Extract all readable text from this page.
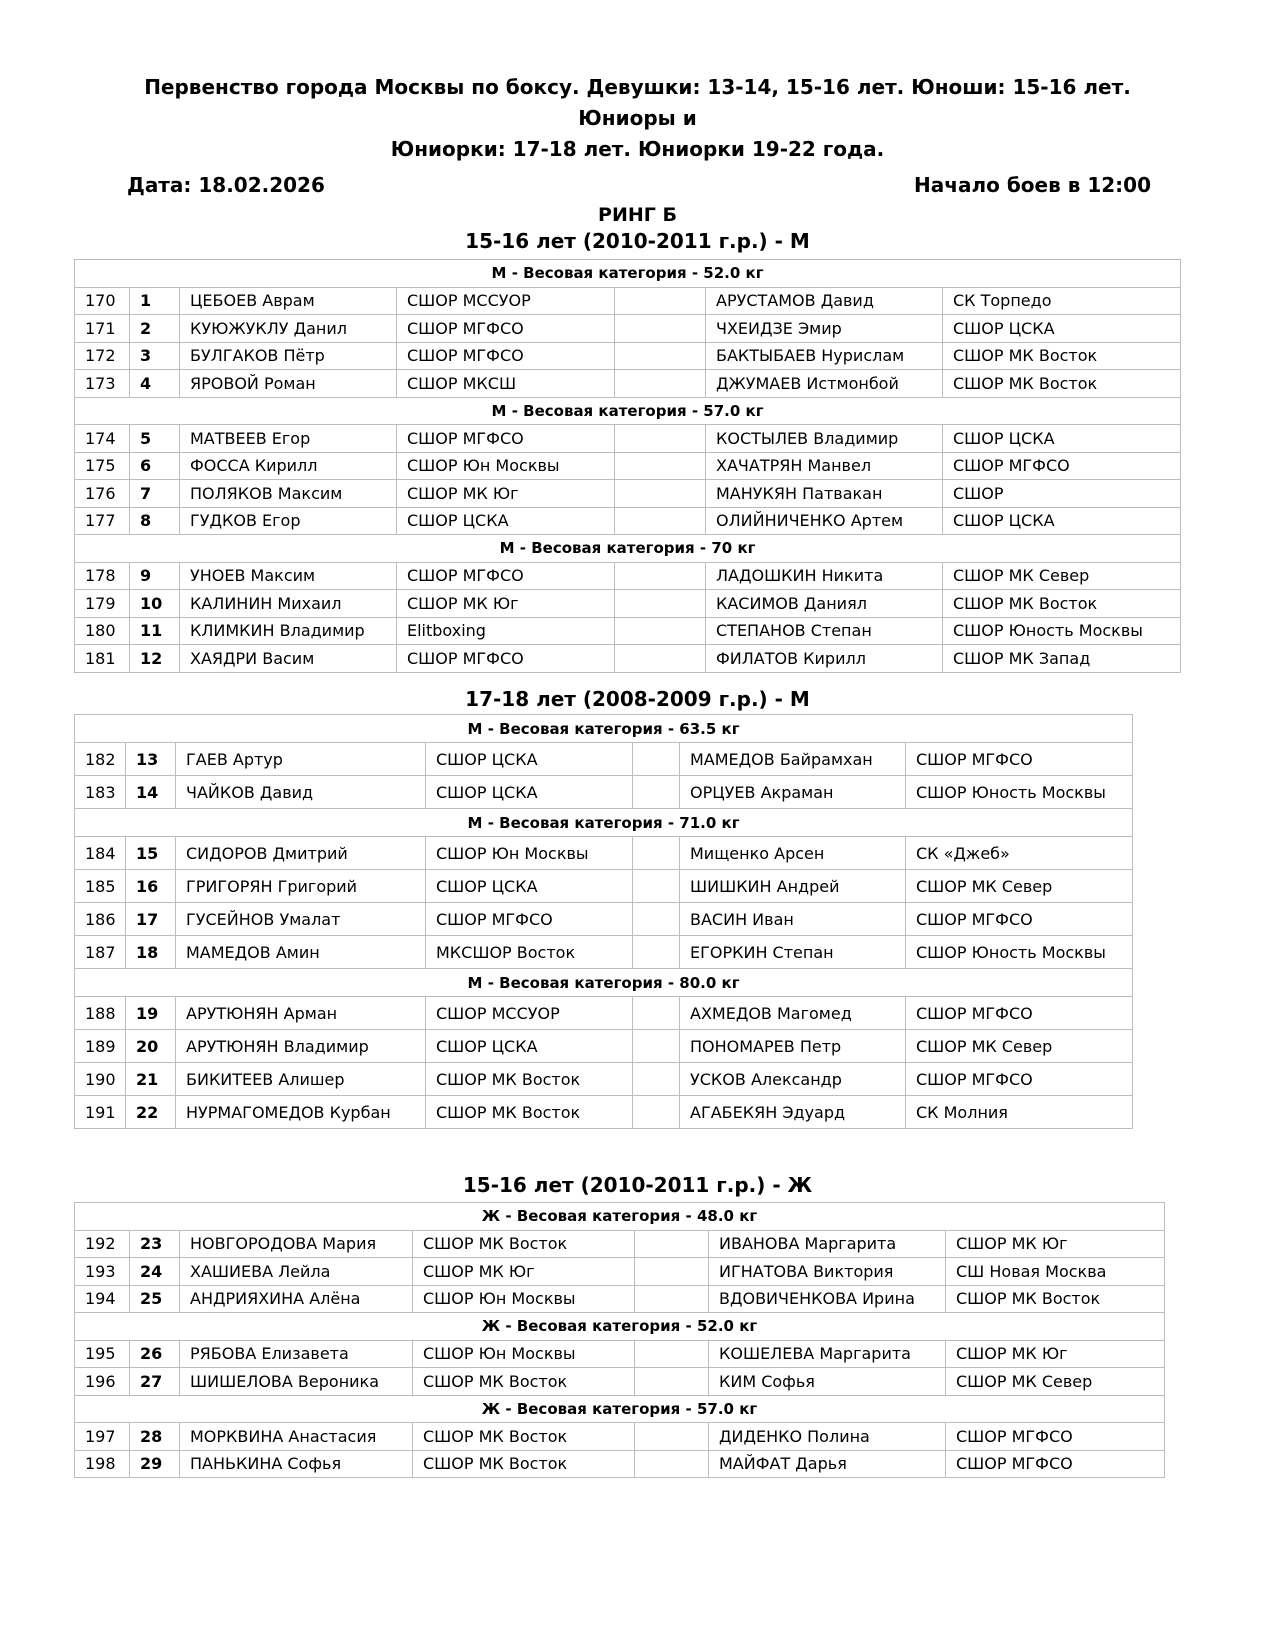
Первенство города Москвы по боксу. Девушки: 13-14, 15-16 лет. Юноши: 15-16 лет. Юниоры и
Юниорки: 17-18 лет. Юниорки 19-22 года.
Дата: 18.02.2026	Начало боев в 12:00
РИНГ Б
15-16 лет (2010-2011 г.р.) - М
М - Весовая категория - 52.0 кг						
170	1	ЦЕБОЕВ Аврам	СШОР МССУОР		АРУСТАМОВ Давид	СК Торпедо
171	2	КУЮЖУКЛУ Данил	СШОР МГФСО		ЧХЕИДЗЕ Эмир	СШОР ЦСКА
172	3	БУЛГАКОВ Пётр	СШОР МГФСО		БАКТЫБАЕВ Нурислам	СШОР МК Восток
173	4	ЯРОВОЙ Роман	СШОР МКСШ		ДЖУМАЕВ Истмонбой	СШОР МК Восток
М - Весовая категория - 57.0 кг						
174	5	МАТВЕЕВ Егор	СШОР МГФСО		КОСТЫЛЕВ Владимир	СШОР ЦСКА
175	6	ФОССА Кирилл	СШОР Юн Москвы		ХАЧАТРЯН Манвел	СШОР МГФСО
176	7	ПОЛЯКОВ Максим	СШОР МК Юг		МАНУКЯН Патвакан	СШОР
177	8	ГУДКОВ Егор	СШОР ЦСКА		ОЛИЙНИЧЕНКО Артем	СШОР ЦСКА
М - Весовая категория - 70 кг						
178	9	УНОЕВ Максим	СШОР МГФСО		ЛАДОШКИН Никита	СШОР МК Север
179	10	КАЛИНИН Михаил	СШОР МК Юг		КАСИМОВ Даниял	СШОР МК Восток
180	11	КЛИМКИН Владимир	Elitboxing		СТЕПАНОВ Степан	СШОР Юность Москвы
181	12	ХАЯДРИ Васим	СШОР МГФСО		ФИЛАТОВ Кирилл	СШОР МК Запад
17-18 лет (2008-2009 г.р.) - М
М - Весовая категория - 63.5 кг						
182	13	ГАЕВ Артур	СШОР ЦСКА		МАМЕДОВ Байрамхан	СШОР МГФСО
183	14	ЧАЙКОВ Давид	СШОР ЦСКА		ОРЦУЕВ Акраман	СШОР Юность Москвы
М - Весовая категория - 71.0 кг						
184	15	СИДОРОВ Дмитрий	СШОР Юн Москвы		Мищенко Арсен	СК «Джеб»
185	16	ГРИГОРЯН Григорий	СШОР ЦСКА		ШИШКИН Андрей	СШОР МК Север
186	17	ГУСЕЙНОВ Умалат	СШОР МГФСО		ВАСИН Иван	СШОР МГФСО
187	18	МАМЕДОВ Амин	МКСШОР Восток		ЕГОРКИН Степан	СШОР Юность Москвы
М - Весовая категория - 80.0 кг						
188	19	АРУТЮНЯН Арман	СШОР МССУОР		АХМЕДОВ Магомед	СШОР МГФСО
189	20	АРУТЮНЯН Владимир	СШОР ЦСКА		ПОНОМАРЕВ Петр	СШОР МК Север
190	21	БИКИТЕЕВ Алишер	СШОР МК Восток		УСКОВ Александр	СШОР МГФСО
191	22	НУРМАГОМЕДОВ Курбан	СШОР МК Восток		АГАБЕКЯН Эдуард	СК Молния
15-16 лет (2010-2011 г.р.) - Ж
Ж - Весовая категория - 48.0 кг						
192	23	НОВГОРОДОВА Мария	СШОР МК Восток		ИВАНОВА Маргарита	СШОР МК Юг
193	24	ХАШИЕВА Лейла	СШОР МК Юг		ИГНАТОВА Виктория	СШ Новая Москва
194	25	АНДРИЯХИНА Алёна	СШОР Юн Москвы		ВДОВИЧЕНКОВА Ирина	СШОР МК Восток
Ж - Весовая категория - 52.0 кг						
195	26	РЯБОВА Елизавета	СШОР Юн Москвы		КОШЕЛЕВА Маргарита	СШОР МК Юг
196	27	ШИШЕЛОВА Вероника	СШОР МК Восток		КИМ Софья	СШОР МК Север
Ж - Весовая категория - 57.0 кг						
197	28	МОРКВИНА Анастасия	СШОР МК Восток		ДИДЕНКО Полина	СШОР МГФСО
198	29	ПАНЬКИНА Софья	СШОР МК Восток		МАЙФАТ Дарья	СШОР МГФСО
